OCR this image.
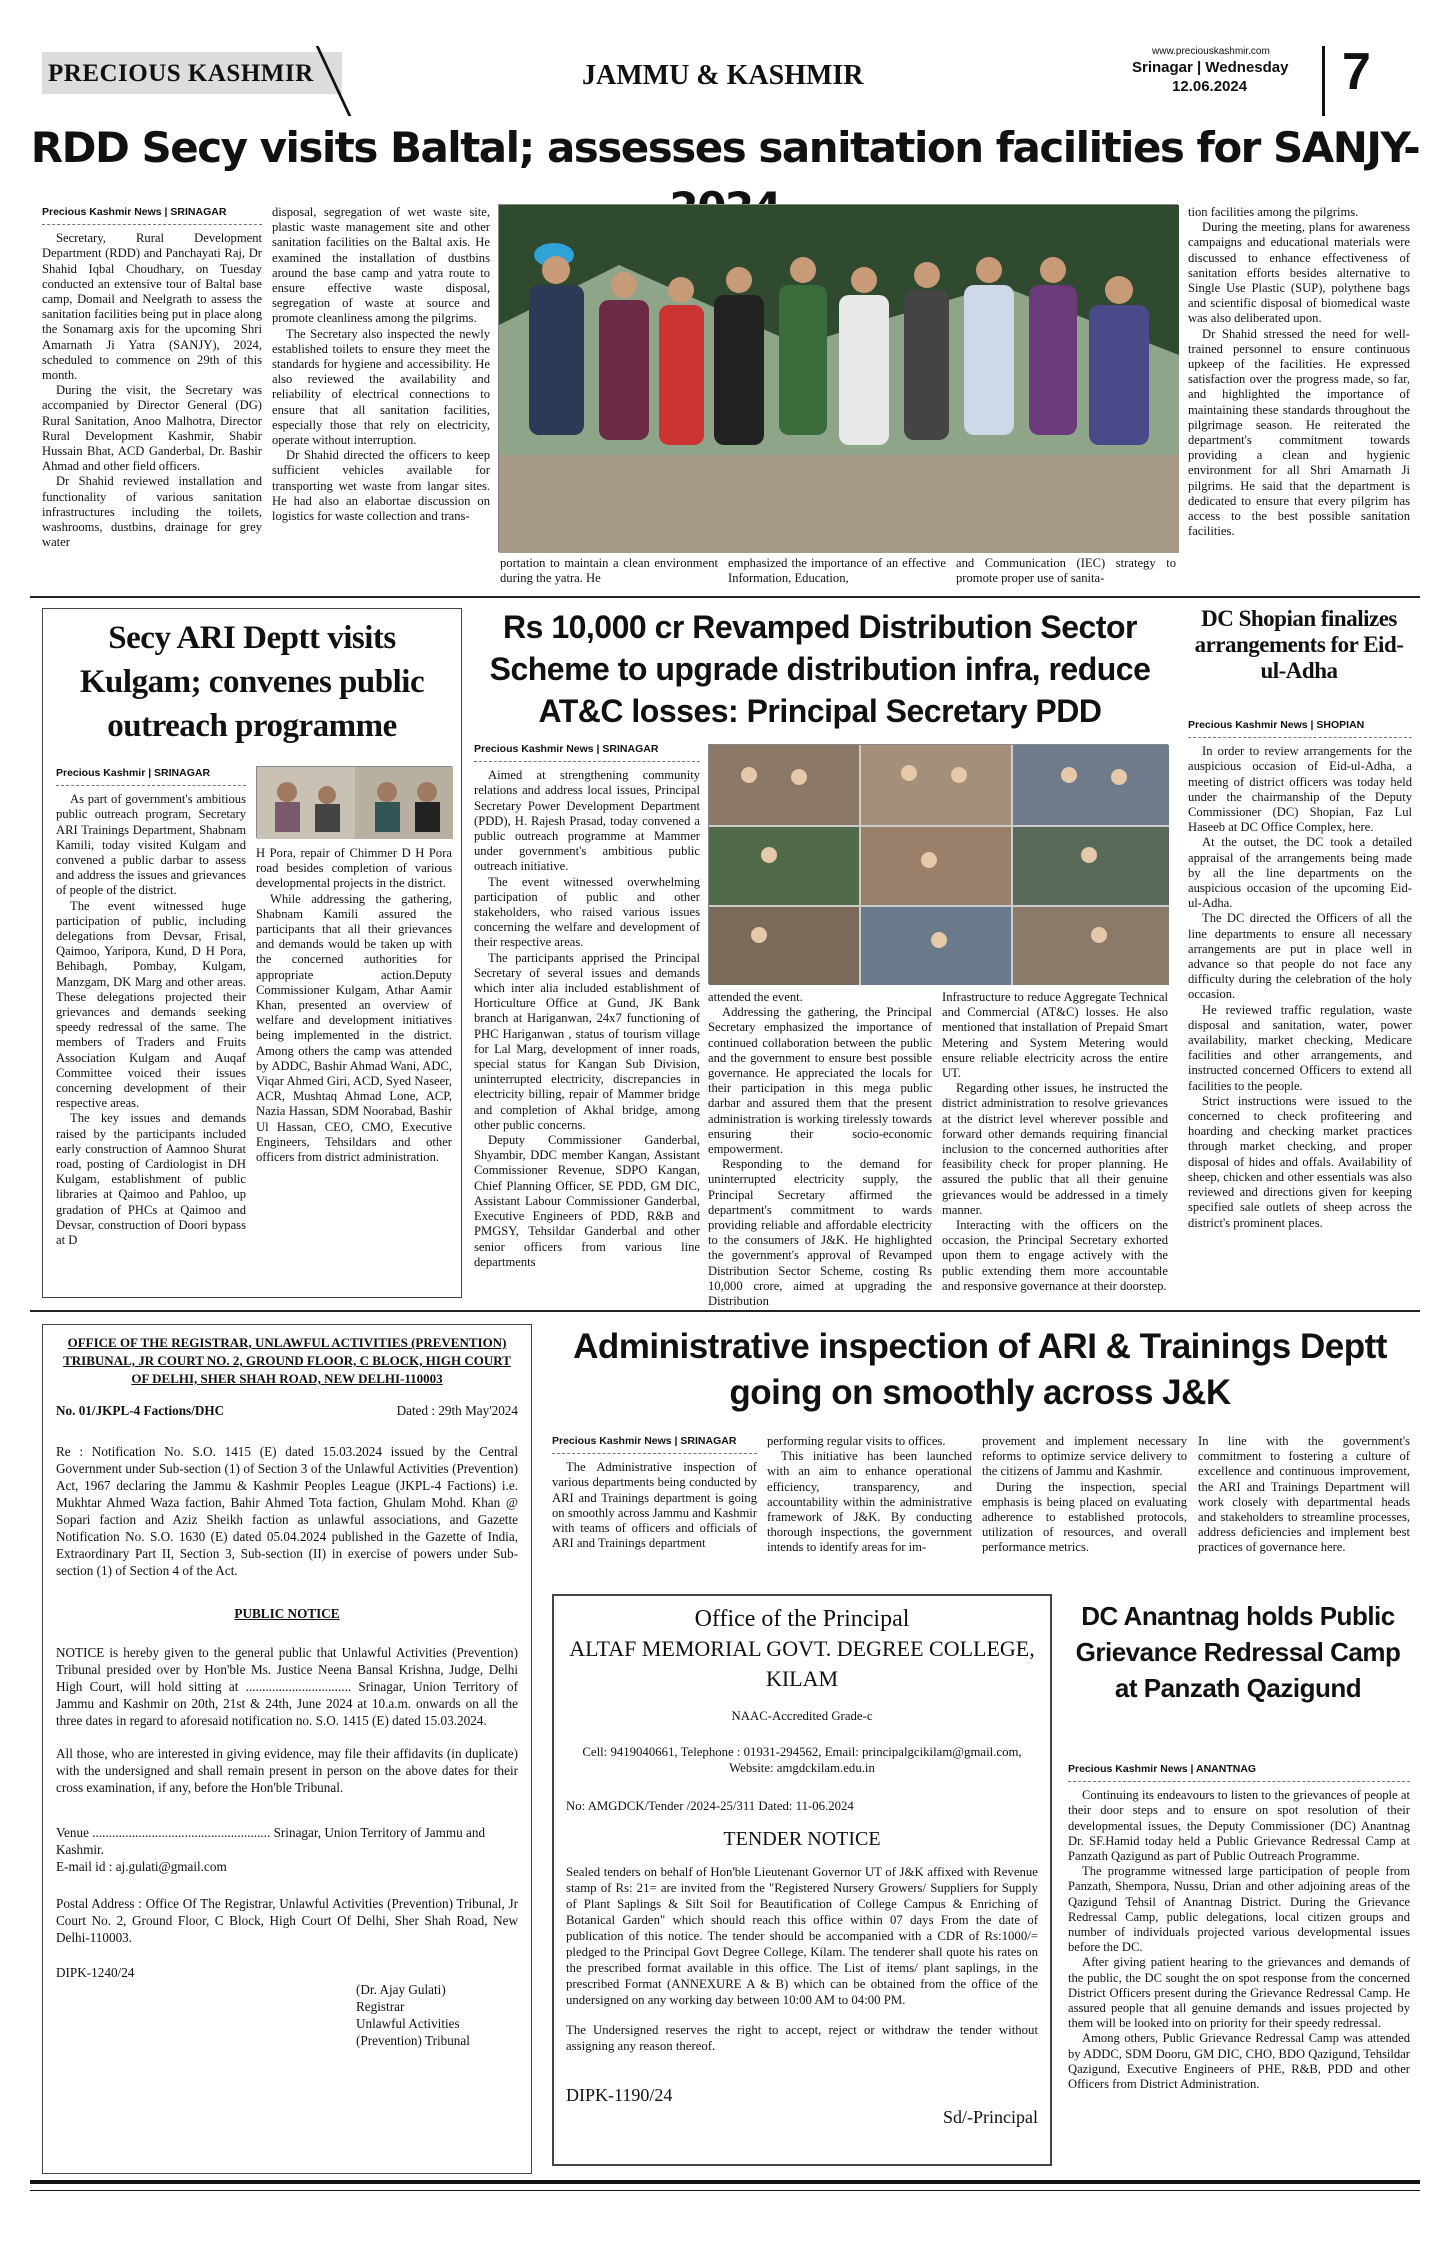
PRECIOUS KASHMIR	JAMMU & KASHMIR
www.preciouskashmir.com
Srinagar | Wednesday
12.06.2024 7
RDD Secy visits Baltal; assesses sanitation facilities for SANJY-
Precious Kashmir News | SRINAGAR

Secretary, Rural Development Department (RDD) and Panchayati Raj, Dr Shahid Iqbal Choudhary, on Tuesday conducted an extensive tour of Baltal base camp, Domail and Neelgrath to assess the sanitation facilities being put in place along the Sonamarg axis for the upcoming Shri Amarnath Ji Yatra (SANJY), 2024, scheduled to commence on 29th of this month.

During the visit, the Secretary was accompanied by Director General (DG) Rural Sanitation, Anoo Malhotra, Director Rural Development Kashmir, Shabir Hussain Bhat, ACD Ganderbal, Dr. Bashir Ahmad and other field officers.

Dr Shahid reviewed installation and functionality of various sanitation infrastructures including the toilets, washrooms, dustbins, drainage for grey water

disposal, segregation of wet waste site, plastic waste management site and other sanitation facilities on the Baltal axis. He examined the installation of dustbins around the base camp and yatra route to ensure effective waste disposal, segregation of waste at source and promote cleanliness among the pilgrims.

The Secretary also inspected the newly established toilets to ensure they meet the standards for hygiene and accessibility. He also reviewed the availability and reliability of electrical connections to ensure that all sanitation facilities, especially those that rely on electricity, operate without interruption.

Dr Shahid directed the officers to keep sufficient vehicles available for transporting wet waste from langar sites. He had also an elabortae discussion on logistics for waste collection and trans-

portation to maintain a clean environment during the yatra. He
emphasized the importance of an effective Information, Education,
and Communication (IEC) strategy to promote proper use of sanita-

tion facilities among the pilgrims.

During the meeting, plans for awareness campaigns and educational materials were discussed to enhance effectiveness of sanitation efforts besides alternative to Single Use Plastic (SUP), polythene bags and scientific disposal of biomedical waste was also deliberated upon.

Dr Shahid stressed the need for well-trained personnel to ensure continuous upkeep of the facilities. He expressed satisfaction over the progress made, so far, and highlighted the importance of maintaining these standards throughout the pilgrimage season. He reiterated the department's commitment towards providing a clean and hygienic environment for all Shri Amarnath Ji pilgrims. He said that the department is dedicated to ensure that every pilgrim has access to the best possible sanitation facilities.

Secy ARI Deptt visits Kulgam; convenes public outreach programme
Precious Kashmir | SRINAGAR

As part of government's ambitious public outreach program, Secretary ARI Trainings Department, Shabnam Kamili, today visited Kulgam and convened a public darbar to assess and address the issues and grievances of people of the district.

The event witnessed huge participation of public, including delegations from Devsar, Frisal, Qaimoo, Yaripora, Kund, D H Pora, Behibagh, Pombay, Kulgam, Manzgam, DK Marg and other areas. These delegations projected their grievances and demands seeking speedy redressal of the same. The members of Traders and Fruits Association Kulgam and Auqaf Committee voiced their issues concerning development of their respective areas.

The key issues and demands raised by the participants included early construction of Aamnoo Shurat road, posting of Cardiologist in DH Kulgam, establishment of public libraries at Qaimoo and Pahloo, up gradation of PHCs at Qaimoo and Devsar, construction of Doori bypass at D

H Pora, repair of Chimmer D H Pora road besides completion of various developmental projects in the district.

While addressing the gathering, Shabnam Kamili assured the participants that all their grievances and demands would be taken up with the concerned authorities for appropriate action.Deputy Commissioner Kulgam, Athar Aamir Khan, presented an overview of welfare and development initiatives being implemented in the district. Among others the camp was attended by ADDC, Bashir Ahmad Wani, ADC, Viqar Ahmed Giri, ACD, Syed Naseer, ACR, Mushtaq Ahmad Lone, ACP, Nazia Hassan, SDM Noorabad, Bashir Ul Hassan, CEO, CMO, Executive Engineers, Tehsildars and other officers from district administration.

Rs 10,000 cr Revamped Distribution Sector Scheme to upgrade distribution infra, reduce AT&C losses: Principal Secretary PDD
Precious Kashmir News | SRINAGAR

Aimed at strengthening community relations and address local issues, Principal Secretary Power Development Department (PDD), H. Rajesh Prasad, today convened a public outreach programme at Mammer under government's ambitious public outreach initiative.

The event witnessed overwhelming participation of public and other stakeholders, who raised various issues concerning the welfare and development of their respective areas.

The participants apprised the Principal Secretary of several issues and demands which inter alia included establishment of Horticulture Office at Gund, JK Bank branch at Hariganwan, 24x7 functioning of PHC Hariganwan , status of tourism village for Lal Marg, development of inner roads, special status for Kangan Sub Division, uninterrupted electricity, discrepancies in electricity billing, repair of Mammer bridge and completion of Akhal bridge, among other public concerns.

Deputy Commissioner Ganderbal, Shyambir, DDC member Kangan, Assistant Commissioner Revenue, SDPO Kangan, Chief Planning Officer, SE PDD, GM DIC, Assistant Labour Commissioner Ganderbal, Executive Engineers of PDD, R&B and PMGSY, Tehsildar Ganderbal and other senior officers from various line departments

attended the event.

Addressing the gathering, the Principal Secretary emphasized the importance of continued collaboration between the public and the government to ensure best possible governance. He appreciated the locals for their participation in this mega public darbar and assured them that the present administration is working tirelessly towards ensuring their socio-economic empowerment.

Responding to the demand for uninterrupted electricity supply, the Principal Secretary affirmed the department's commitment to wards providing reliable and affordable electricity to the consumers of J&K. He highlighted the government's approval of Revamped Distribution Sector Scheme, costing Rs 10,000 crore, aimed at upgrading the Distribution

Infrastructure to reduce Aggregate Technical and Commercial (AT&C) losses. He also mentioned that installation of Prepaid Smart Metering and System Metering would ensure reliable electricity across the entire UT.

Regarding other issues, he instructed the district administration to resolve grievances at the district level wherever possible and forward other demands requiring financial inclusion to the concerned authorities after feasibility check for proper planning. He assured the public that all their genuine grievances would be addressed in a timely manner.

Interacting with the officers on the occasion, the Principal Secretary exhorted upon them to engage actively with the public extending them more accountable and responsive governance at their doorstep.

DC Shopian finalizes arrangements for Eid-ul-Adha
Precious Kashmir News | SHOPIAN

In order to review arrangements for the auspicious occasion of Eid-ul-Adha, a meeting of district officers was today held under the chairmanship of the Deputy Commissioner (DC) Shopian, Faz Lul Haseeb at DC Office Complex, here.

At the outset, the DC took a detailed appraisal of the arrangements being made by all the line departments on the auspicious occasion of the upcoming Eid-ul-Adha.

The DC directed the Officers of all the line departments to ensure all necessary arrangements are put in place well in advance so that people do not face any difficulty during the celebration of the holy occasion.

He reviewed traffic regulation, waste disposal and sanitation, water, power availability, market checking, Medicare facilities and other arrangements, and instructed concerned Officers to extend all facilities to the people.

Strict instructions were issued to the concerned to check profiteering and hoarding and checking market practices through market checking, and proper disposal of hides and offals. Availability of sheep, chicken and other essentials was also reviewed and directions given for keeping specified sale outlets of sheep across the district's prominent places.

OFFICE OF THE REGISTRAR, UNLAWFUL ACTIVITIES (PREVENTION) TRIBUNAL, JR COURT NO. 2, GROUND FLOOR, C BLOCK, HIGH COURT OF DELHI, SHER SHAH ROAD, NEW DELHI-110003
No. 01/JKPL-4 Factions/DHC	Dated : 29th May'2024
Re : Notification No. S.O. 1415 (E) dated 15.03.2024 issued by the Central Government under Sub-section (1) of Section 3 of the Unlawful Activities (Prevention) Act, 1967 declaring the Jammu & Kashmir Peoples League (JKPL-4 Factions) i.e. Mukhtar Ahmed Waza faction, Bahir Ahmed Tota faction, Ghulam Mohd. Khan @ Sopari faction and Aziz Sheikh faction as unlawful associations, and Gazette Notification No. S.O. 1630 (E) dated 05.04.2024 published in the Gazette of India, Extraordinary Part II, Section 3, Sub-section (II) in exercise of powers under Sub-section (1) of Section 4 of the Act.
PUBLIC NOTICE
NOTICE is hereby given to the general public that Unlawful Activities (Prevention) Tribunal presided over by Hon'ble Ms. Justice Neena Bansal Krishna, Judge, Delhi High Court, will hold sitting at ................................ Srinagar, Union Territory of Jammu and Kashmir on 20th, 21st & 24th, June 2024 at 10.a.m. onwards on all the three dates in regard to aforesaid notification no. S.O. 1415 (E) dated 15.03.2024.
All those, who are interested in giving evidence, may file their affidavits (in duplicate) with the undersigned and shall remain present in person on the above dates for their cross examination, if any, before the Hon'ble Tribunal.
Venue ...................................................... Srinagar, Union Territory of Jammu and Kashmir.
E-mail id : aj.gulati@gmail.com
Postal Address : Office Of The Registrar, Unlawful Activities (Prevention) Tribunal, Jr Court No. 2, Ground Floor, C Block, High Court Of Delhi, Sher Shah Road, New Delhi-110003.
DIPK-1240/24
(Dr. Ajay Gulati)
Registrar
Unlawful Activities
(Prevention) Tribunal
Administrative inspection of ARI & Trainings Deptt going on smoothly across J&K
Precious Kashmir News | SRINAGAR

The Administrative inspection of various departments being conducted by ARI and Trainings department is going on smoothly across Jammu and Kashmir with teams of officers and officials of ARI and Trainings department

performing regular visits to offices.

This initiative has been launched with an aim to enhance operational efficiency, transparency, and accountability within the administrative framework of J&K. By conducting thorough inspections, the government intends to identify areas for im-

provement and implement necessary reforms to optimize service delivery to the citizens of Jammu and Kashmir.

During the inspection, special emphasis is being placed on evaluating adherence to established protocols, utilization of resources, and overall performance metrics.

In line with the government's commitment to fostering a culture of excellence and continuous improvement, the ARI and Trainings Department will work closely with departmental heads and stakeholders to streamline processes, address deficiencies and implement best practices of governance here.

Office of the Principal
ALTAF MEMORIAL GOVT. DEGREE COLLEGE, KILAM
NAAC-Accredited Grade-c
Cell: 9419040661, Telephone : 01931-294562, Email: principalgcikilam@gmail.com, Website: amgdckilam.edu.in
No: AMGDCK/Tender /2024-25/311 Dated: 11-06.2024
TENDER NOTICE
Sealed tenders on behalf of Hon'ble Lieutenant Governor UT of J&K affixed with Revenue stamp of Rs: 21= are invited from the "Registered Nursery Growers/ Suppliers for Supply of Plant Saplings & Silt Soil for Beautification of College Campus & Enriching of Botanical Garden" which should reach this office within 07 days From the date of publication of this notice. The tender should be accompanied with a CDR of Rs:1000/= pledged to the Principal Govt Degree College, Kilam. The tenderer shall quote his rates on the prescribed format available in this office. The List of items/ plant saplings, in the prescribed Format (ANNEXURE A & B) which can be obtained from the office of the undersigned on any working day between 10:00 AM to 04:00 PM.
The Undersigned reserves the right to accept, reject or withdraw the tender without assigning any reason thereof.
DIPK-1190/24
Sd/-Principal
DC Anantnag holds Public Grievance Redressal Camp at Panzath Qazigund
Precious Kashmir News | ANANTNAG

Continuing its endeavours to listen to the grievances of people at their door steps and to ensure on spot resolution of their developmental issues, the Deputy Commissioner (DC) Anantnag Dr. SF.Hamid today held a Public Grievance Redressal Camp at Panzath Qazigund as part of Public Outreach Programme.

The programme witnessed large participation of people from Panzath, Shempora, Nussu, Drian and other adjoining areas of the Qazigund Tehsil of Anantnag District. During the Grievance Redressal Camp, public delegations, local citizen groups and number of individuals projected various developmental issues before the DC.

After giving patient hearing to the grievances and demands of the public, the DC sought the on spot response from the concerned District Officers present during the Grievance Redressal Camp. He assured people that all genuine demands and issues projected by them will be looked into on priority for their speedy redressal.

Among others, Public Grievance Redressal Camp was attended by ADDC, SDM Dooru, GM DIC, CHO, BDO Qazigund, Tehsildar Qazigund, Executive Engineers of PHE, R&B, PDD and other Officers from District Administration.
